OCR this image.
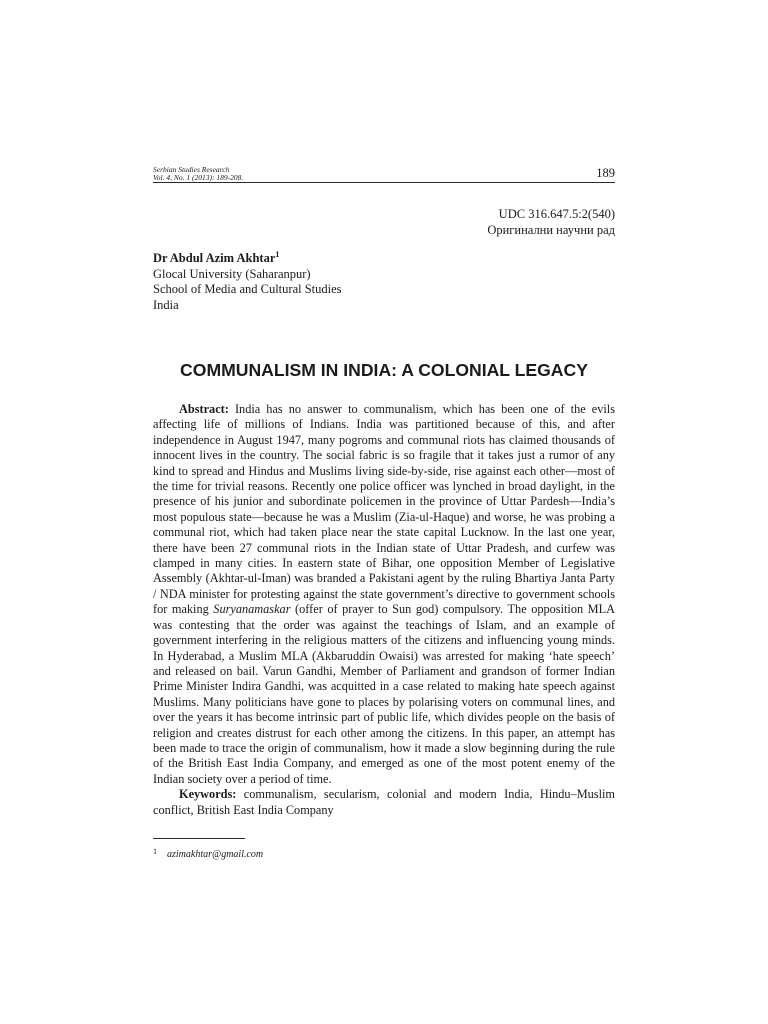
Serbian Studies Research
Vol. 4, No. 1 (2013): 189-208.	189
UDC 316.647.5:2(540)
Оригинални научни рад
Dr Abdul Azim Akhtar$^1$
Glocal University (Saharanpur)
School of Media and Cultural Studies
India
COMMUNALISM IN INDIA: A COLONIAL LEGACY

Abstract: India has no answer to communalism, which has been one of the evils affecting life of millions of Indians. India was partitioned because of this, and after independence in August 1947, many pogroms and communal riots has claimed thousands of innocent lives in the country. The social fabric is so fragile that it takes just a rumor of any kind to spread and Hindus and Muslims living side-by-side, rise against each other—most of the time for trivial reasons. Recently one police officer was lynched in broad daylight, in the presence of his junior and subordinate policemen in the province of Uttar Pardesh—India’s most populous state—because he was a Muslim (Zia-ul-Haque) and worse, he was probing a communal riot, which had taken place near the state capital Lucknow. In the last one year, there have been 27 communal riots in the Indian state of Uttar Pradesh, and curfew was clamped in many cities. In eastern state of Bihar, one opposition Member of Legislative Assembly (Akhtar-ul-Iman) was branded a Pakistani agent by the ruling Bhartiya Janta Party / NDA minister for protesting against the state government’s directive to government schools for making Suryanamaskar (offer of prayer to Sun god) compulsory. The opposition MLA was contesting that the order was against the teachings of Islam, and an example of government interfering in the religious matters of the citizens and influencing young minds. In Hyderabad, a Muslim MLA (Akbaruddin Owaisi) was arrested for making ‘hate speech’ and released on bail. Varun Gandhi, Member of Parliament and grandson of former Indian Prime Minister Indira Gandhi, was acquitted in a case related to making hate speech against Muslims. Many politicians have gone to places by polarising voters on communal lines, and over the years it has become intrinsic part of public life, which divides people on the basis of religion and creates distrust for each other among the citizens. In this paper, an attempt has been made to trace the origin of communalism, how it made a slow beginning during the rule of the British East India Company, and emerged as one of the most potent enemy of the Indian society over a period of time.

Keywords: communalism, secularism, colonial and modern India, Hindu–Muslim conflict, British East India Company

$^1$ azimakhtar@gmail.com
